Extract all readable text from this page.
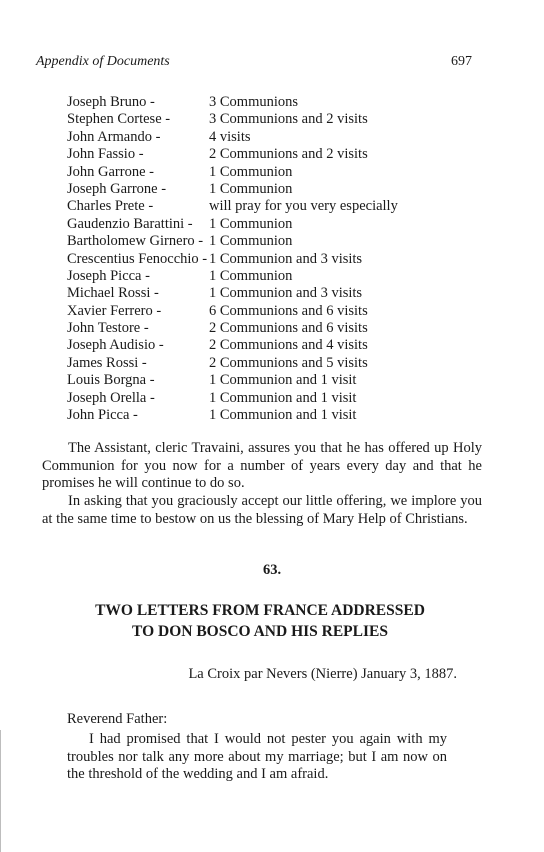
Appendix of Documents	697
Joseph Bruno -	3 Communions
Stephen Cortese -	3 Communions and 2 visits
John Armando -	4 visits
John Fassio -	2 Communions and 2 visits
John Garrone -	1 Communion
Joseph Garrone -	1 Communion
Charles Prete -	will pray for you very especially
Gaudenzio Barattini - 1 Communion
Bartholomew Girnero - 1 Communion
Crescentius Fenocchio - 1 Communion and 3 visits
Joseph Picca -	1 Communion
Michael Rossi -	1 Communion and 3 visits
Xavier Ferrero -	6 Communions and 6 visits
John Testore -	2 Communions and 6 visits
Joseph Audisio -	2 Communions and 4 visits
James Rossi -	2 Communions and 5 visits
Louis Borgna -	1 Communion and 1 visit
Joseph Orella -	1 Communion and 1 visit
John Picca -	1 Communion and 1 visit

The Assistant, cleric Travaini, assures you that he has offered up Holy Communion for you now for a number of years every day and that he promises he will continue to do so.

In asking that you graciously accept our little offering, we implore you at the same time to bestow on us the blessing of Mary Help of Christians.

63.
TWO LETTERS FROM FRANCE ADDRESSED
TO DON BOSCO AND HIS REPLIES
La Croix par Nevers (Nierre) January 3, 1887.
Reverend Father:

I had promised that I would not pester you again with my troubles nor talk any more about my marriage; but I am now on the threshold of the wedding and I am afraid.
